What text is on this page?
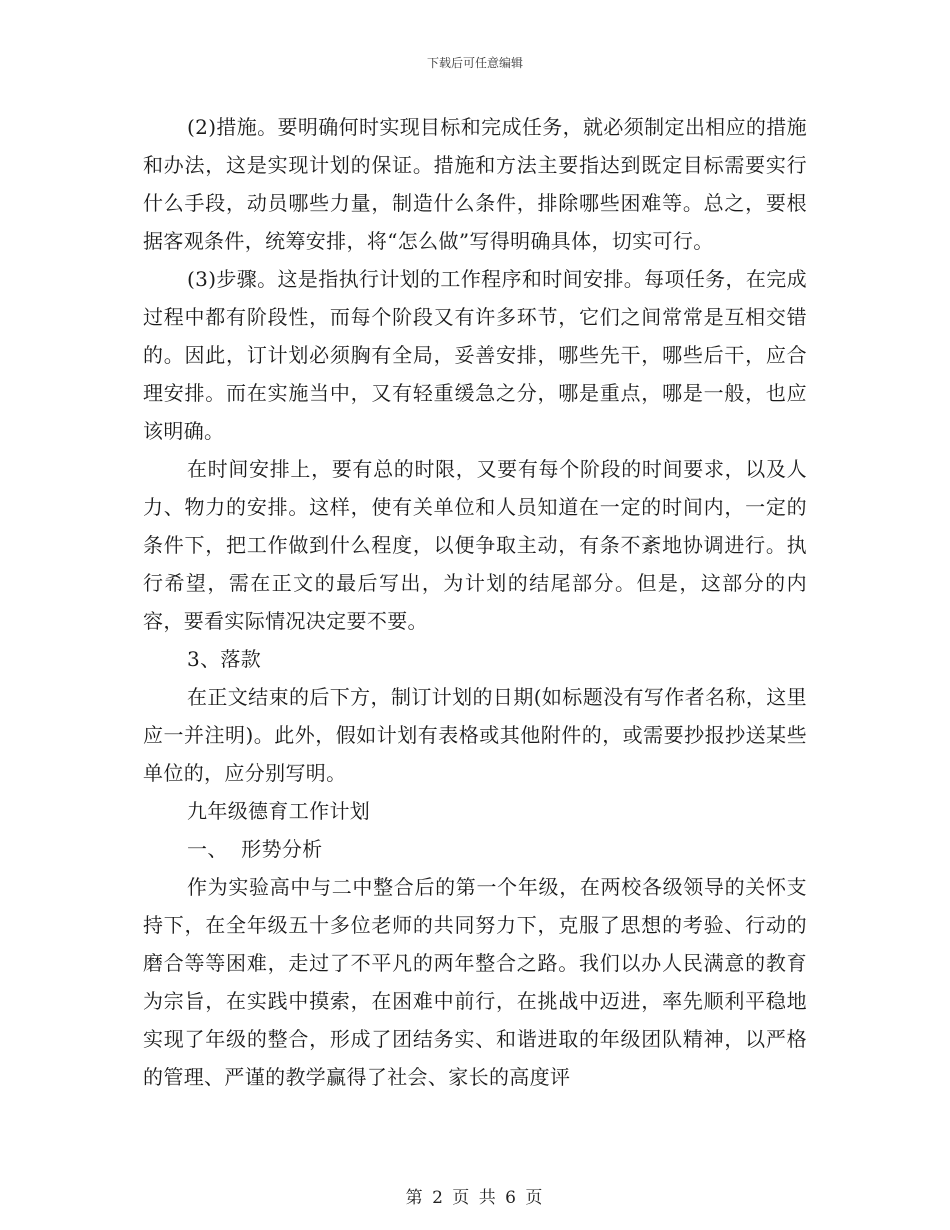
下载后可任意编辑

(2)措施。要明确何时实现目标和完成任务，就必须制定出相应的措施和办法，这是实现计划的保证。措施和方法主要指达到既定目标需要实行什么手段，动员哪些力量，制造什么条件，排除哪些困难等。总之，要根据客观条件，统筹安排，将“怎么做”写得明确具体，切实可行。

(3)步骤。这是指执行计划的工作程序和时间安排。每项任务，在完成过程中都有阶段性，而每个阶段又有许多环节，它们之间常常是互相交错的。因此，订计划必须胸有全局，妥善安排，哪些先干，哪些后干，应合理安排。而在实施当中，又有轻重缓急之分，哪是重点，哪是一般，也应该明确。

在时间安排上，要有总的时限，又要有每个阶段的时间要求，以及人力、物力的安排。这样，使有关单位和人员知道在一定的时间内，一定的条件下，把工作做到什么程度，以便争取主动，有条不紊地协调进行。执行希望，需在正文的最后写出，为计划的结尾部分。但是，这部分的内容，要看实际情况决定要不要。

3、落款

在正文结束的后下方，制订计划的日期(如标题没有写作者名称，这里应一并注明)。此外，假如计划有表格或其他附件的，或需要抄报抄送某些单位的，应分别写明。

九年级德育工作计划

一、  形势分析

作为实验高中与二中整合后的第一个年级，在两校各级领导的关怀支持下，在全年级五十多位老师的共同努力下，克服了思想的考验、行动的磨合等等困难，走过了不平凡的两年整合之路。我们以办人民满意的教育为宗旨，在实践中摸索，在困难中前行，在挑战中迈进，率先顺利平稳地实现了年级的整合，形成了团结务实、和谐进取的年级团队精神，以严格的管理、严谨的教学赢得了社会、家长的高度评

第 2 页 共 6 页
